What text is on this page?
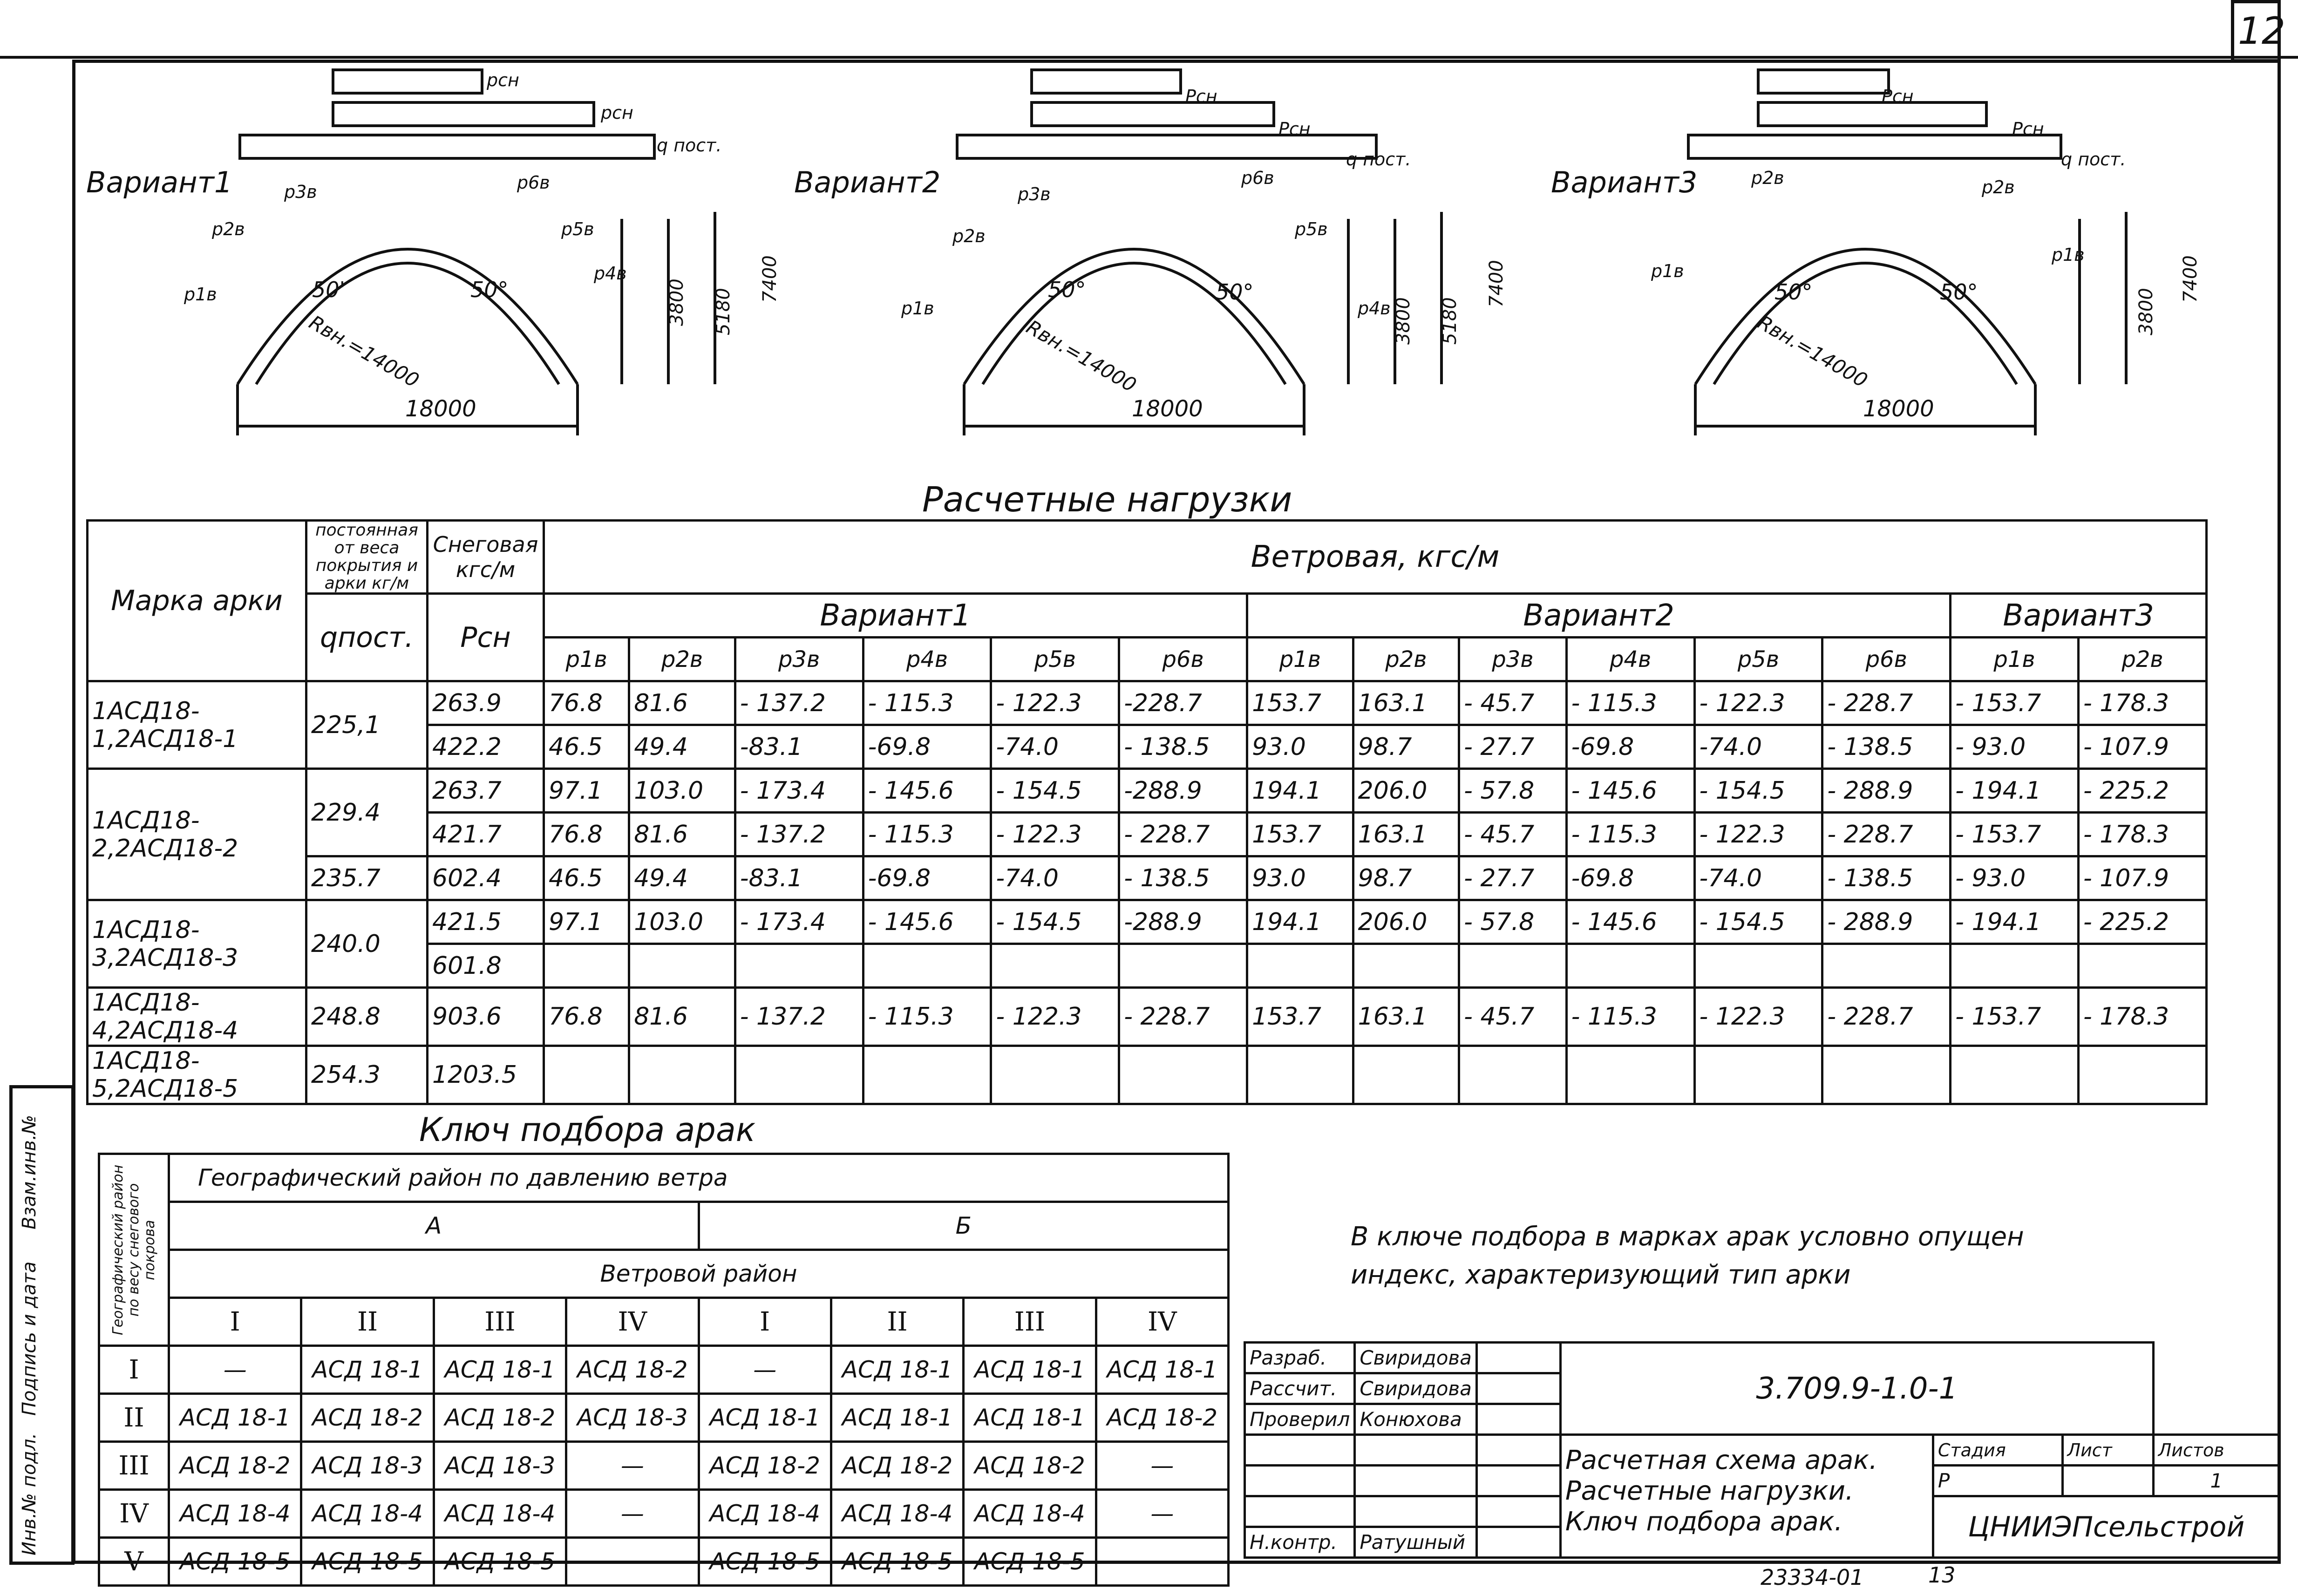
12
Инв.№ подл.
Подпись и дата
Взам.инв.№
Вариант1
pсн
pсн
q пост.
p1в
p2в
p3в
p4в
p5в
p6в
50'	50°
Rвн.=14000
18000
3800 5180
7400
Вариант2
Pсн
Pсн
q пост.
p1в
p2в
p3в
p4в
p5в
p6в
50°	50°
Rвн.=14000
18000
3800 5180
7400
Вариант3
Pсн
Pсн
q пост.
p1в
p2в
p1в
p2в
50°	50°
Rвн.=14000
18000
3800
7400
Расчетные нагрузки
Марка арки	постоянная от веса покрытия и арки кг/м	Снеговая кгс/м	Ветровая, кгс/м													
	qпост.	Pсн	Вариант1						Вариант2						Вариант3	
			p1в	p2в	p3в	p4в	p5в	p6в	p1в	p2в	p3в	p4в	p5в	p6в	p1в	p2в
1АСД18-1,2АСД18-1	225,1	263.9	76.8	81.6	- 137.2	- 115.3	- 122.3	-228.7	153.7	163.1	- 45.7	- 115.3	- 122.3	- 228.7	- 153.7	- 178.3
		422.2	46.5	49.4	-83.1	-69.8	-74.0	- 138.5	93.0	98.7	- 27.7	-69.8	-74.0	- 138.5	- 93.0	- 107.9
1АСД18-2,2АСД18-2	229.4	263.7	97.1	103.0	- 173.4	- 145.6	- 154.5	-288.9	194.1	206.0	- 57.8	- 145.6	- 154.5	- 288.9	- 194.1	- 225.2
		421.7	76.8	81.6	- 137.2	- 115.3	- 122.3	- 228.7	153.7	163.1	- 45.7	- 115.3	- 122.3	- 228.7	- 153.7	- 178.3
	235.7	602.4	46.5	49.4	-83.1	-69.8	-74.0	- 138.5	93.0	98.7	- 27.7	-69.8	-74.0	- 138.5	- 93.0	- 107.9
1АСД18-3,2АСД18-3	240.0	421.5	97.1	103.0	- 173.4	- 145.6	- 154.5	-288.9	194.1	206.0	- 57.8	- 145.6	- 154.5	- 288.9	- 194.1	- 225.2
		601.8														
1АСД18-4,2АСД18-4	248.8	903.6	76.8	81.6	- 137.2	- 115.3	- 122.3	- 228.7	153.7	163.1	- 45.7	- 115.3	- 122.3	- 228.7	- 153.7	- 178.3
1АСД18-5,2АСД18-5	254.3	1203.5														
Ключ подбора арак
Географический район по весу снегового покрова	Географический район по давлению ветра							
	А				Б			
	Ветровой район							
	I	II	III	IV	I	II	III	IV
I	—	АСД 18-1	АСД 18-1	АСД 18-2	—	АСД 18-1	АСД 18-1	АСД 18-1
II	АСД 18-1	АСД 18-2	АСД 18-2	АСД 18-3	АСД 18-1	АСД 18-1	АСД 18-1	АСД 18-2
III	АСД 18-2	АСД 18-3	АСД 18-3	—	АСД 18-2	АСД 18-2	АСД 18-2	—
IV	АСД 18-4	АСД 18-4	АСД 18-4	—	АСД 18-4	АСД 18-4	АСД 18-4	—
V	АСД 18-5	АСД 18-5	АСД 18-5	—	АСД 18-5	АСД 18-5	АСД 18-5	—
В ключе подбора в марках арак условно опущен индекс, характеризующий тип арки
Разраб.	Свиридова		3.709.9-1.0-1			
Рассчит.	Свиридова					
Проверил	Конюхова					

			Расчетная схема арак.
Расчетные нагрузки.
Ключ подбора арак.	Стадия	Лист	Листов
				Р		1
				ЦНИИЭПсельстрой		
Н.контр.	Ратушный					
23334-01	13
